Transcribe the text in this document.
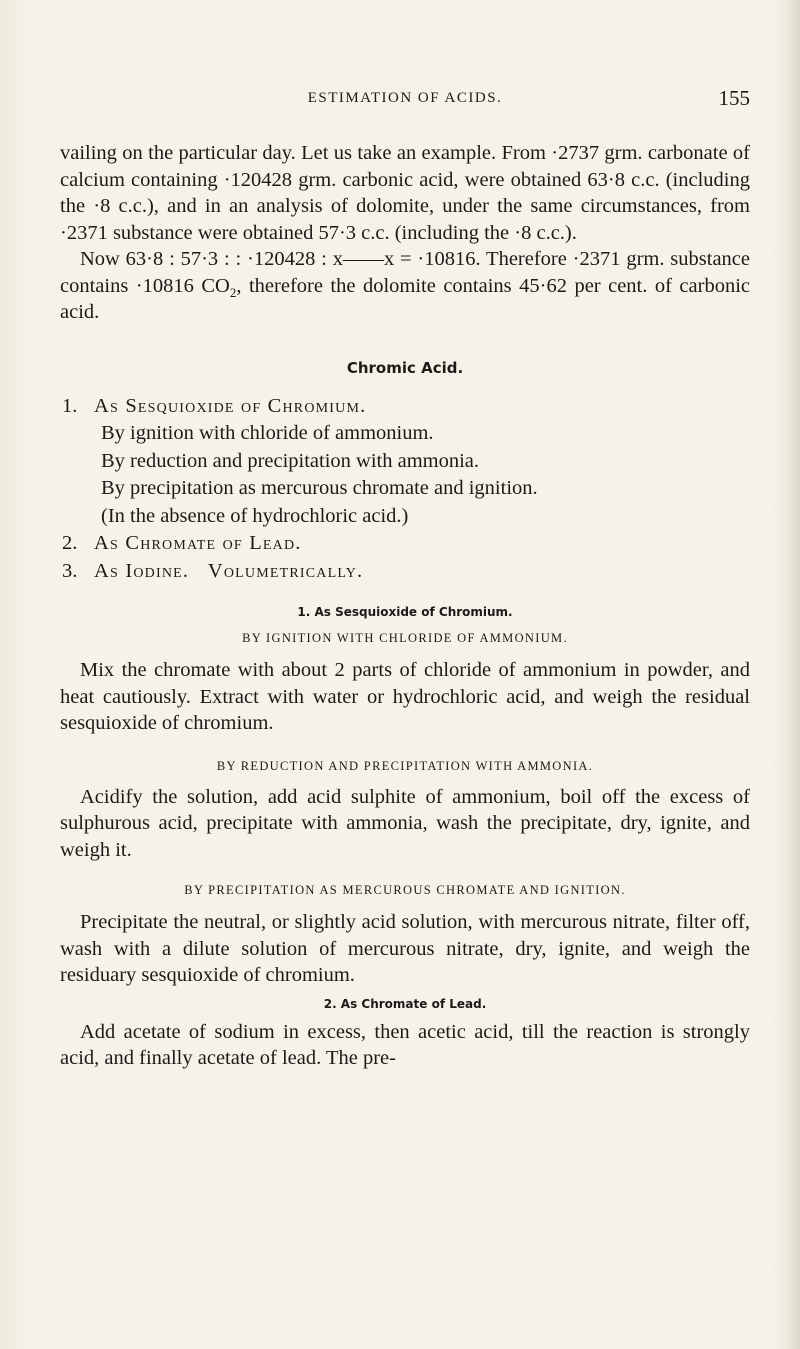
ESTIMATION OF ACIDS.	155

vailing on the particular day. Let us take an example. From ·2737 grm. carbonate of calcium containing ·120428 grm. carbonic acid, were obtained 63·8 c.c. (including the ·8 c.c.), and in an analysis of dolomite, under the same circumstances, from ·2371 substance were obtained 57·3 c.c. (including the ·8 c.c.).

Now 63·8 : 57·3 : : ·120428 : x——x = ·10816. Therefore ·2371 grm. substance contains ·10816 $CO_2$, therefore the dolomite contains 45·62 per cent. of carbonic acid.

Chromic Acid.
1. As Sesquioxide of Chromium.
By ignition with chloride of ammonium.
By reduction and precipitation with ammonia.
By precipitation as mercurous chromate and ignition.
(In the absence of hydrochloric acid.)
2. As Chromate of Lead.
3. As Iodine.   Volumetrically.
1. As Sesquioxide of Chromium.
BY IGNITION WITH CHLORIDE OF AMMONIUM.

Mix the chromate with about 2 parts of chloride of ammonium in powder, and heat cautiously. Extract with water or hydrochloric acid, and weigh the residual sesquioxide of chromium.

BY REDUCTION AND PRECIPITATION WITH AMMONIA.

Acidify the solution, add acid sulphite of ammonium, boil off the excess of sulphurous acid, precipitate with ammonia, wash the precipitate, dry, ignite, and weigh it.

BY PRECIPITATION AS MERCUROUS CHROMATE AND IGNITION.

Precipitate the neutral, or slightly acid solution, with mercurous nitrate, filter off, wash with a dilute solution of mercurous nitrate, dry, ignite, and weigh the residuary sesquioxide of chromium.

2. As Chromate of Lead.

Add acetate of sodium in excess, then acetic acid, till the reaction is strongly acid, and finally acetate of lead. The pre-
